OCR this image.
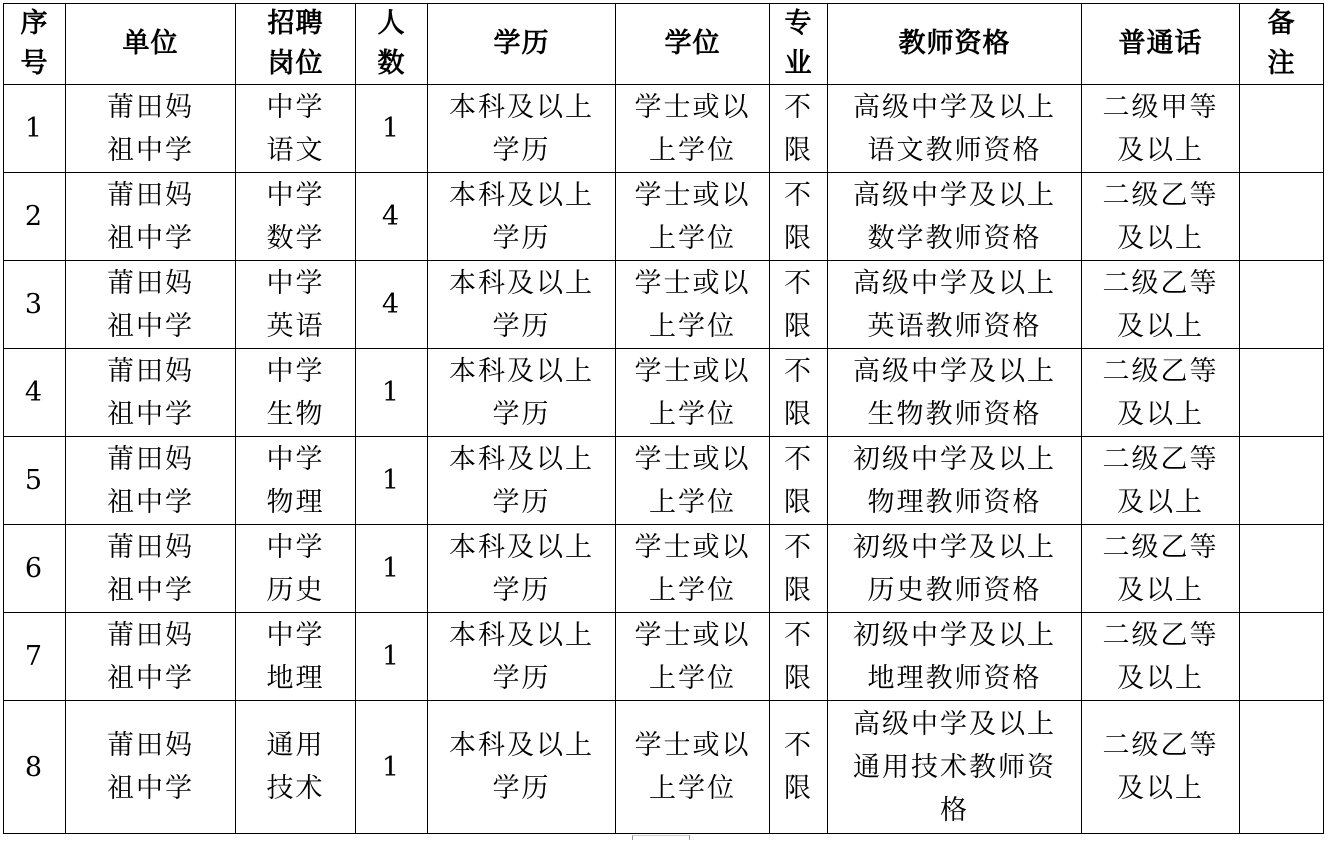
序号	单位	招聘岗位	人数	学历	学位	专业	教师资格	普通话	备注
1	莆田妈祖中学	中学语文	1	本科及以上学历	学士或以上学位	不限	高级中学及以上语文教师资格	二级甲等及以上	
2	莆田妈祖中学	中学数学	4	本科及以上学历	学士或以上学位	不限	高级中学及以上数学教师资格	二级乙等及以上	
3	莆田妈祖中学	中学英语	4	本科及以上学历	学士或以上学位	不限	高级中学及以上英语教师资格	二级乙等及以上	
4	莆田妈祖中学	中学生物	1	本科及以上学历	学士或以上学位	不限	高级中学及以上生物教师资格	二级乙等及以上	
5	莆田妈祖中学	中学物理	1	本科及以上学历	学士或以上学位	不限	初级中学及以上物理教师资格	二级乙等及以上	
6	莆田妈祖中学	中学历史	1	本科及以上学历	学士或以上学位	不限	初级中学及以上历史教师资格	二级乙等及以上	
7	莆田妈祖中学	中学地理	1	本科及以上学历	学士或以上学位	不限	初级中学及以上地理教师资格	二级乙等及以上	
8	莆田妈祖中学	通用技术	1	本科及以上学历	学士或以上学位	不限	高级中学及以上通用技术教师资格	二级乙等及以上	
